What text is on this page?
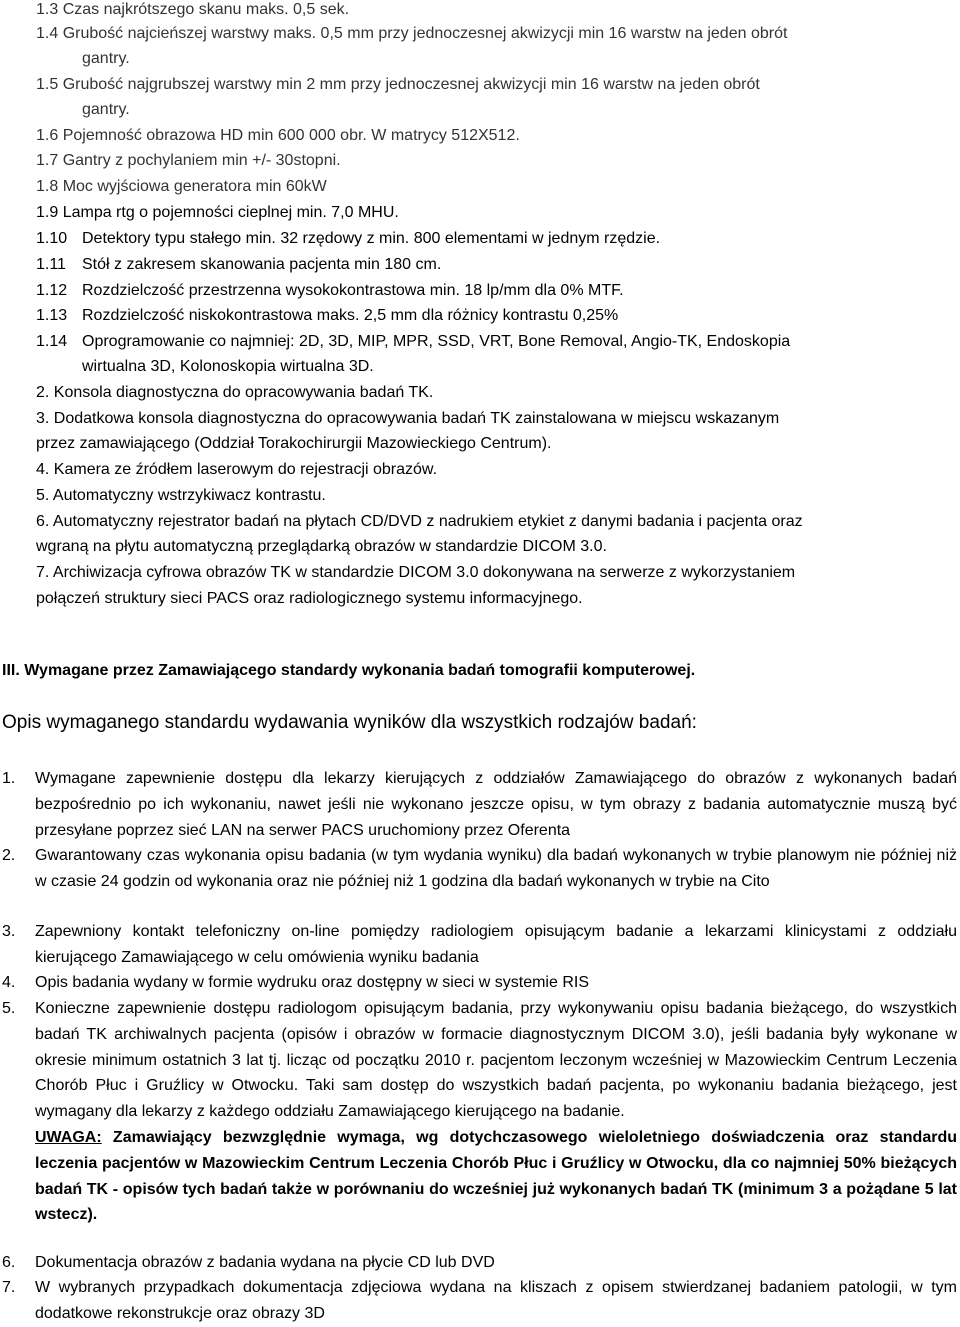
1.3 Czas najkrótszego skanu maks. 0,5 sek.
1.4 Grubość najcieńszej warstwy maks. 0,5 mm przy jednoczesnej akwizycji min 16 warstw na jeden obrót
gantry.
1.5 Grubość najgrubszej warstwy min 2 mm przy jednoczesnej akwizycji min 16 warstw na jeden obrót
gantry.
1.6 Pojemność obrazowa HD min 600 000 obr. W matrycy 512X512.
1.7 Gantry z pochylaniem min +/- 30stopni.
1.8 Moc wyjściowa generatora min 60kW
1.9 Lampa rtg o pojemności cieplnej min. 7,0 MHU.
1.10 Detektory typu stałego min. 32 rzędowy z min. 800 elementami w jednym rzędzie.
1.11 Stół z zakresem skanowania pacjenta min 180 cm.
1.12 Rozdzielczość przestrzenna wysokokontrastowa min. 18 lp/mm dla 0% MTF.
1.13 Rozdzielczość niskokontrastowa maks. 2,5 mm dla różnicy kontrastu 0,25%
1.14 Oprogramowanie co najmniej: 2D, 3D, MIP, MPR, SSD, VRT, Bone Removal, Angio-TK, Endoskopia
wirtualna 3D, Kolonoskopia wirtualna 3D.
2. Konsola diagnostyczna do opracowywania badań TK.
3. Dodatkowa konsola diagnostyczna do opracowywania badań TK zainstalowana w miejscu wskazanym
przez zamawiającego (Oddział Torakochirurgii Mazowieckiego Centrum).
4. Kamera ze źródłem laserowym do rejestracji obrazów.
5. Automatyczny wstrzykiwacz kontrastu.
6. Automatyczny rejestrator badań na płytach CD/DVD z nadrukiem etykiet z danymi badania i pacjenta oraz
wgraną na płytu automatyczną przeglądarką obrazów w standardzie DICOM 3.0.
7. Archiwizacja cyfrowa obrazów TK w standardzie DICOM 3.0 dokonywana na serwerze z wykorzystaniem
połączeń struktury sieci PACS oraz radiologicznego systemu informacyjnego.
III. Wymagane przez Zamawiającego standardy wykonania badań tomografii komputerowej.
Opis wymaganego standardu wydawania wyników dla wszystkich rodzajów badań:
1. Wymagane zapewnienie dostępu dla lekarzy kierujących z oddziałów Zamawiającego do obrazów z wykonanych badań bezpośrednio po ich wykonaniu, nawet jeśli nie wykonano jeszcze opisu, w tym obrazy z badania automatycznie muszą być przesyłane poprzez sieć LAN na serwer PACS uruchomiony przez Oferenta
2. Gwarantowany czas wykonania opisu badania (w tym wydania wyniku) dla badań wykonanych w trybie planowym nie później niż w czasie 24 godzin od wykonania oraz nie później niż 1 godzina dla badań wykonanych w trybie na Cito
3. Zapewniony kontakt telefoniczny on-line pomiędzy radiologiem opisującym badanie a lekarzami klinicystami z oddziału kierującego Zamawiającego w celu omówienia wyniku badania
4. Opis badania wydany w formie wydruku oraz dostępny w sieci w systemie RIS
5. Konieczne zapewnienie dostępu radiologom opisującym badania, przy wykonywaniu opisu badania bieżącego, do wszystkich badań TK archiwalnych pacjenta (opisów i obrazów w formacie diagnostycznym DICOM 3.0), jeśli badania były wykonane w okresie minimum ostatnich 3 lat tj. licząc od początku 2010 r. pacjentom leczonym wcześniej w Mazowieckim Centrum Leczenia Chorób Płuc i Gruźlicy w Otwocku. Taki sam dostęp do wszystkich badań pacjenta, po wykonaniu badania bieżącego, jest wymagany dla lekarzy z każdego oddziału Zamawiającego kierującego na badanie.
UWAGA: Zamawiający bezwzględnie wymaga, wg dotychczasowego wieloletniego doświadczenia oraz standardu leczenia pacjentów w Mazowieckim Centrum Leczenia Chorób Płuc i Gruźlicy w Otwocku, dla co najmniej 50% bieżących badań TK - opisów tych badań także w porównaniu do wcześniej już wykonanych badań TK (minimum 3 a pożądane 5 lat wstecz).
6. Dokumentacja obrazów z badania wydana na płycie CD lub DVD
7. W wybranych przypadkach dokumentacja zdjęciowa wydana na kliszach z opisem stwierdzanej badaniem patologii, w tym dodatkowe rekonstrukcje oraz obrazy 3D
